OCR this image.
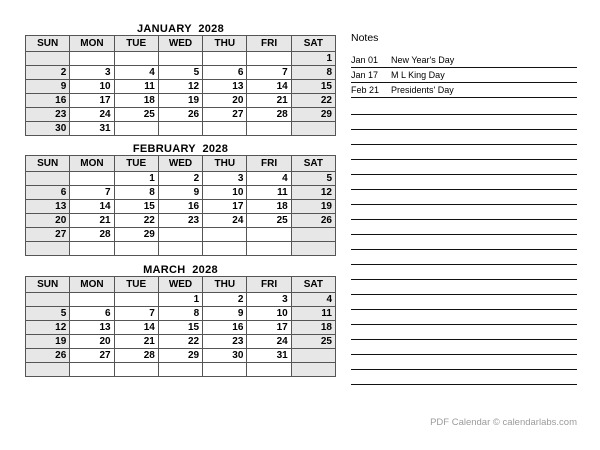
JANUARY  2028
SUN	MON	TUE	WED	THU	FRI	SAT
						1
2	3	4	5	6	7	8
9	10	11	12	13	14	15
16	17	18	19	20	21	22
23	24	25	26	27	28	29
30	31					
FEBRUARY  2028
SUN	MON	TUE	WED	THU	FRI	SAT
		1	2	3	4	5
6	7	8	9	10	11	12
13	14	15	16	17	18	19
20	21	22	23	24	25	26
27	28	29				

MARCH  2028
SUN	MON	TUE	WED	THU	FRI	SAT
			1	2	3	4
5	6	7	8	9	10	11
12	13	14	15	16	17	18
19	20	21	22	23	24	25
26	27	28	29	30	31	

Notes
Jan 01 New Year's Day
Jan 17 M L King Day
Feb 21 Presidents' Day
PDF Calendar © calendarlabs.com
